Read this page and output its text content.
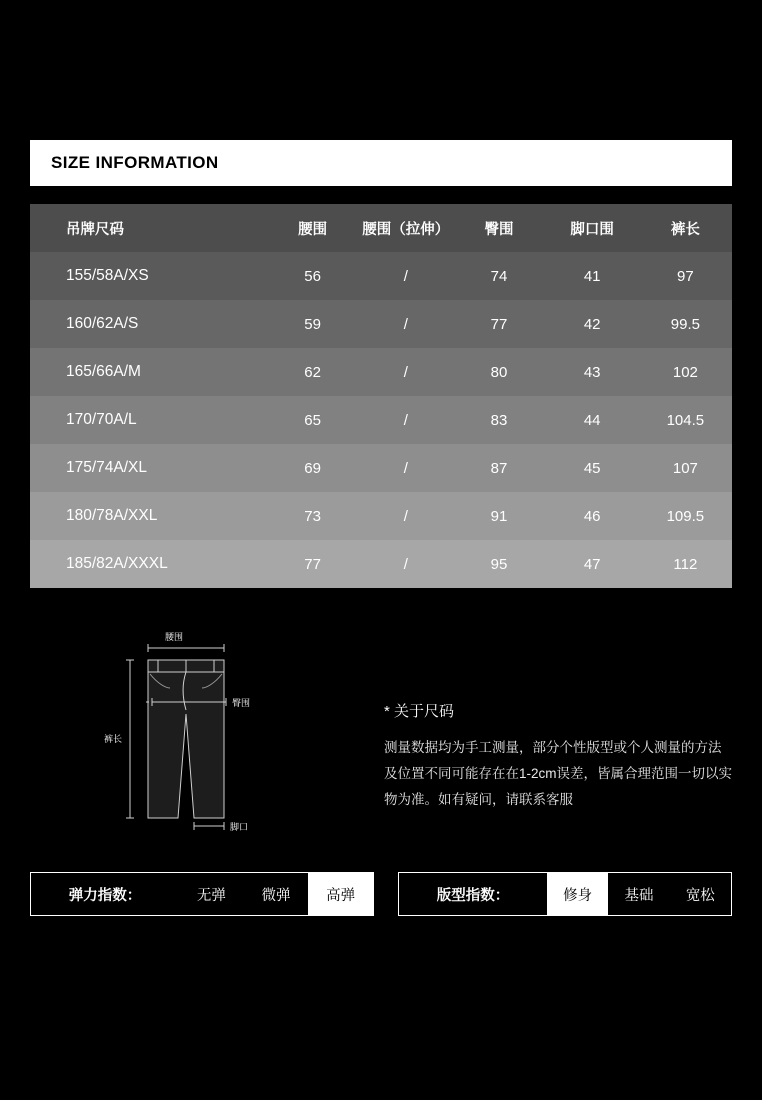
SIZE INFORMATION
吊牌尺码	腰围	腰围（拉伸）	臀围	脚口围	裤长
155/58A/XS	56	/	74	41	97
160/62A/S	59	/	77	42	99.5
165/66A/M	62	/	80	43	102
170/70A/L	65	/	83	44	104.5
175/74A/XL	69	/	87	45	107
180/78A/XXL	73	/	91	46	109.5
185/82A/XXXL	77	/	95	47	112
腰围
臀围
裤长
脚口
* 关于尺码
测量数据均为手工测量，部分个性版型或个人测量的方法及位置不同可能存在在1-2cm误差，皆属合理范围一切以实物为准。如有疑问，请联系客服
弹力指数：	无弹	微弹	高弹	版型指数：	修身	基础	宽松
